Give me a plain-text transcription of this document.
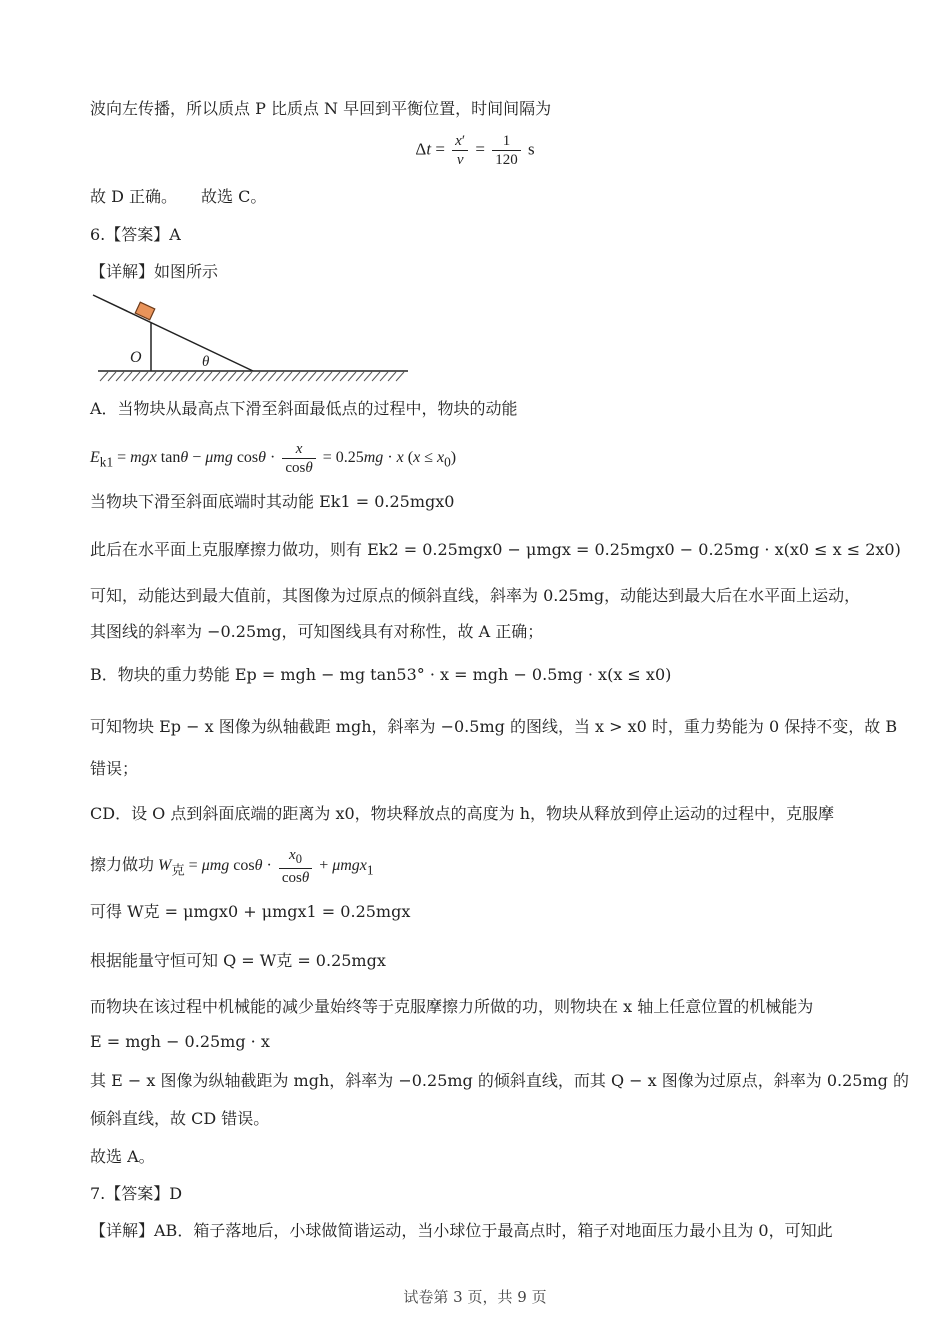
波向左传播，所以质点 P 比质点 N 早回到平衡位置，时间间隔为
$\Delta t = \frac{x'}{v} = \frac{1}{120}$ s
故 D 正确。　　故选 C。
6.【答案】A
【详解】如图所示
O	θ
A．当物块从最高点下滑至斜面最低点的过程中，物块的动能
$E_{k1}$ = mgx tanθ − μmg $\cos\theta \cdot \frac{x}{\cos\theta} = 0.25mg \cdot x$ $(x \le x_0)$
当物块下滑至斜面底端时其动能 Ek1 = 0.25mgx0
此后在水平面上克服摩擦力做功，则有 Ek2 = 0.25mgx0 − μmgx = 0.25mgx0 − 0.25mg · x(x0 ≤ x ≤ 2x0)
可知，动能达到最大值前，其图像为过原点的倾斜直线，斜率为 0.25mg，动能达到最大后在水平面上运动，
其图线的斜率为 −0.25mg，可知图线具有对称性，故 A 正确；
B．物块的重力势能 Ep = mgh − mg tan53° · x = mgh − 0.5mg · x(x ≤ x0)
可知物块 Ep − x 图像为纵轴截距 mgh，斜率为 −0.5mg 的图线，当 x > x0 时，重力势能为 0 保持不变，故 B
错误；
CD．设 O 点到斜面底端的距离为 x0，物块释放点的高度为 h，物块从释放到停止运动的过程中，克服摩
擦力做功 $W_克 = \mu mg$ $\cos\theta \cdot \frac{x_0}{\cos\theta} + \mu mgx_1$
可得 W克 = μmgx0 + μmgx1 = 0.25mgx
根据能量守恒可知 Q = W克 = 0.25mgx
而物块在该过程中机械能的减少量始终等于克服摩擦力所做的功，则物块在 x 轴上任意位置的机械能为
E = mgh − 0.25mg · x
其 E − x 图像为纵轴截距为 mgh，斜率为 −0.25mg 的倾斜直线，而其 Q − x 图像为过原点，斜率为 0.25mg 的
倾斜直线，故 CD 错误。
故选 A。
7.【答案】D
【详解】AB．箱子落地后，小球做简谐运动，当小球位于最高点时，箱子对地面压力最小且为 0，可知此
试卷第 3 页，共 9 页
